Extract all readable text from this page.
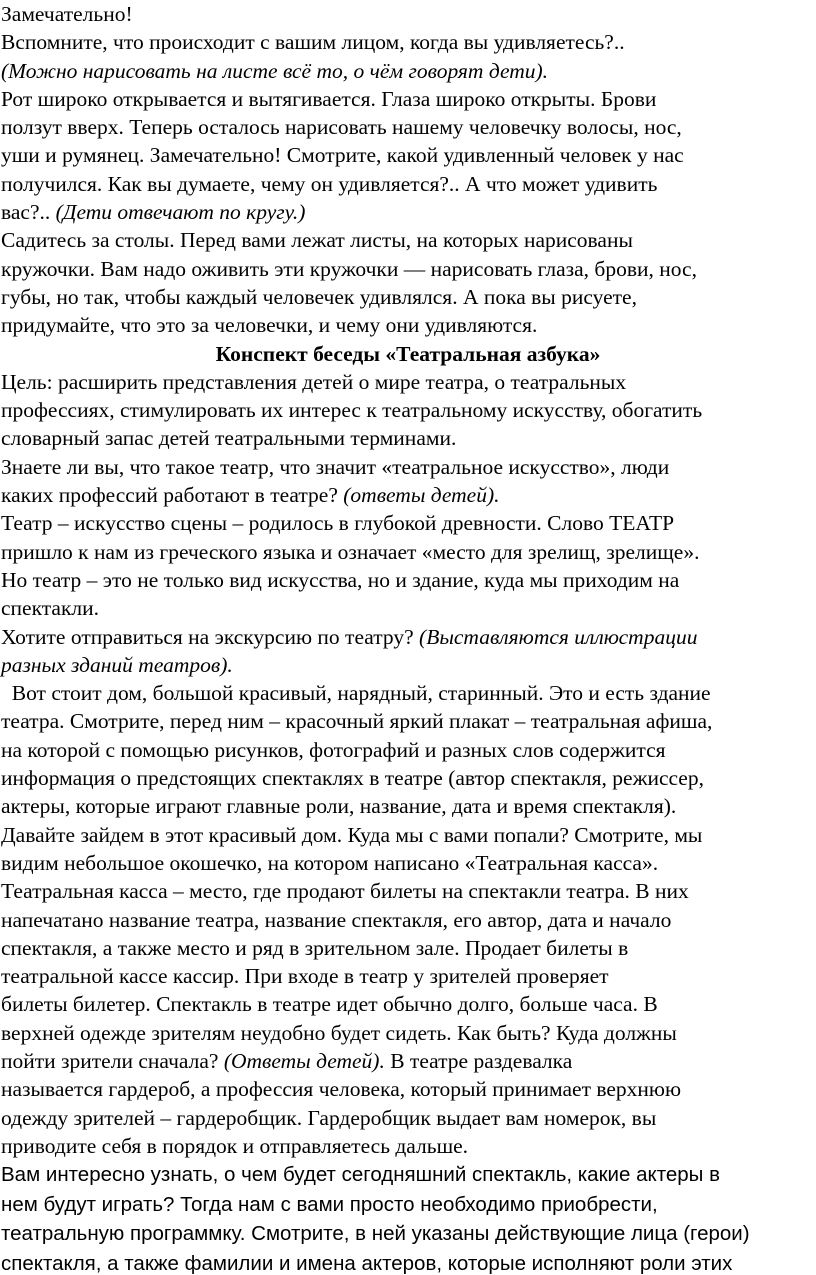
Замечательно!
Вспомните, что происходит с вашим лицом, когда вы удивляетесь?..
(Можно нарисовать на листе всё то, о чём говорят дети).
Рот широко открывается и вытягивается. Глаза широко открыты. Брови
ползут вверх. Теперь осталось нарисовать нашему человечку волосы, нос,
уши и румянец. Замечательно! Смотрите, какой удивленный человек у нас
получился. Как вы думаете, чему он удивляется?.. А что может удивить
вас?.. (Дети отвечают по кругу.)
Садитесь за столы. Перед вами лежат листы, на которых нарисованы
кружочки. Вам надо оживить эти кружочки — нарисовать глаза, брови, нос,
губы, но так, чтобы каждый человечек удивлялся. А пока вы рисуете,
придумайте, что это за человечки, и чему они удивляются.
Конспект беседы «Театральная азбука»
Цель: расширить представления детей о мире театра, о театральных
профессиях, стимулировать их интерес к театральному искусству, обогатить
словарный запас детей театральными терминами.
Знаете ли вы, что такое театр, что значит «театральное искусство», люди
каких профессий работают в театре? (ответы детей).
Театр – искусство сцены – родилось в глубокой древности. Слово ТЕАТР
пришло к нам из греческого языка и означает «место для зрелищ, зрелище».
Но театр – это не только вид искусства, но и здание, куда мы приходим на
спектакли.
Хотите отправиться на экскурсию по театру? (Выставляются иллюстрации
разных зданий театров).
Вот стоит дом, большой красивый, нарядный, старинный. Это и есть здание
театра. Смотрите, перед ним – красочный яркий плакат – театральная афиша,
на которой с помощью рисунков, фотографий и разных слов содержится
информация о предстоящих спектаклях в театре (автор спектакля, режиссер,
актеры, которые играют главные роли, название, дата и время спектакля).
Давайте зайдем в этот красивый дом. Куда мы с вами попали? Смотрите, мы
видим небольшое окошечко, на котором написано «Театральная касса».
Театральная касса – место, где продают билеты на спектакли театра. В них
напечатано название театра, название спектакля, его автор, дата и начало
спектакля, а также место и ряд в зрительном зале. Продает билеты в
театральной кассе кассир. При входе в театр у зрителей проверяет
билеты билетер. Спектакль в театре идет обычно долго, больше часа. В
верхней одежде зрителям неудобно будет сидеть. Как быть? Куда должны
пойти зрители сначала? (Ответы детей). В театре раздевалка
называется гардероб, а профессия человека, который принимает верхнюю
одежду зрителей – гардеробщик. Гардеробщик выдает вам номерок, вы
приводите себя в порядок и отправляетесь дальше.
Вам интересно узнать, о чем будет сегодняшний спектакль, какие актеры в
нем будут играть? Тогда нам с вами просто необходимо приобрести,
театральную программку. Смотрите, в ней указаны действующие лица (герои)
спектакля, а также фамилии и имена актеров, которые исполняют роли этих
